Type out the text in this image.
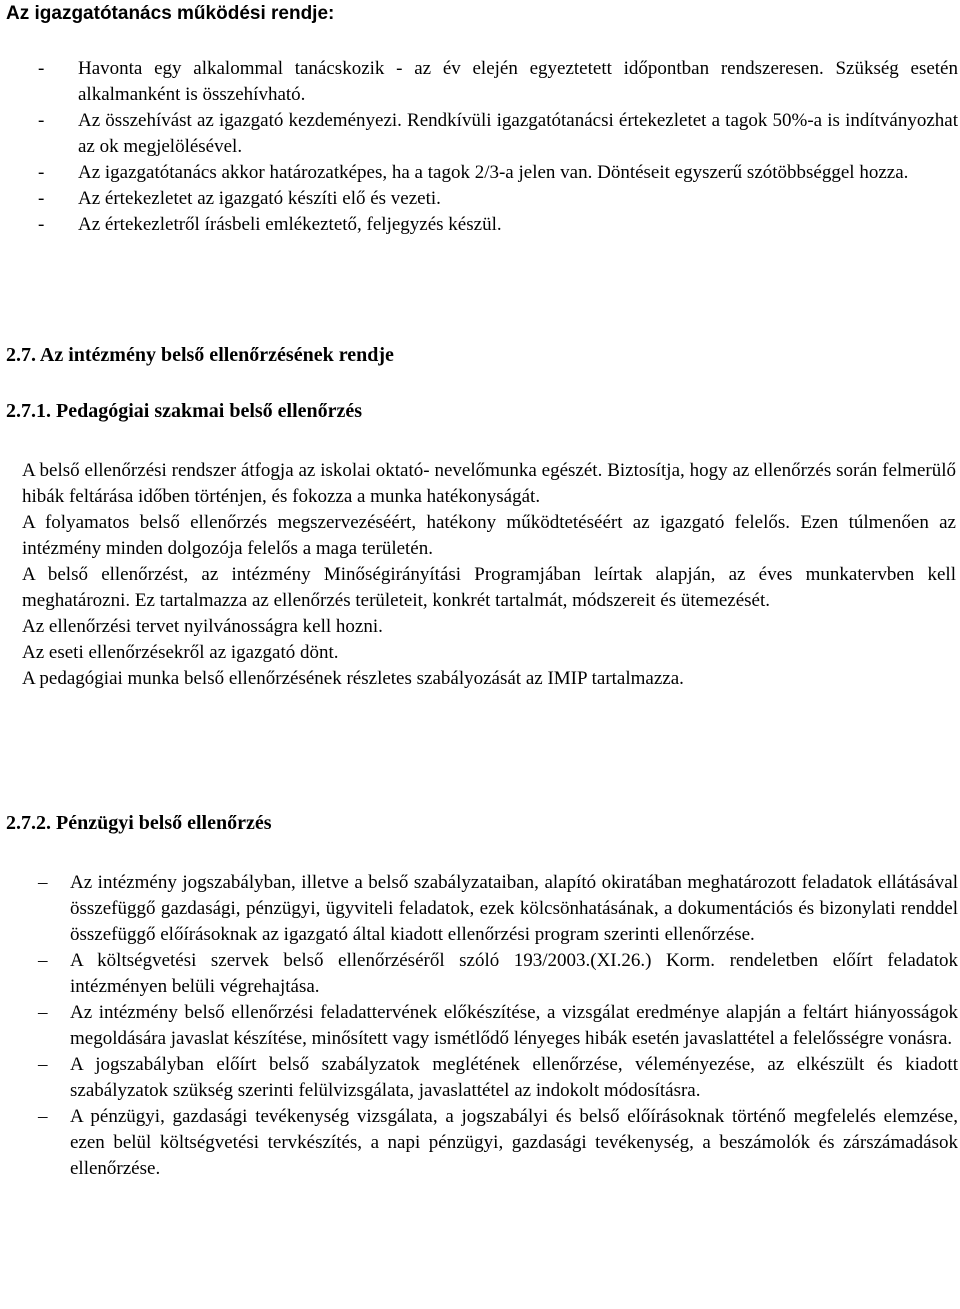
Az igazgatótanács működési rendje:
- Havonta egy alkalommal tanácskozik - az év elején egyeztetett időpontban rendszeresen. Szükség esetén alkalmanként is összehívható.
- Az összehívást az igazgató kezdeményezi. Rendkívüli igazgatótanácsi értekezletet a tagok 50%-a is indítványozhat az ok megjelölésével.
- Az igazgatótanács akkor határozatképes, ha a tagok 2/3-a jelen van. Döntéseit egyszerű szótöbbséggel hozza.
- Az értekezletet az igazgató készíti elő és vezeti.
- Az értekezletről írásbeli emlékeztető, feljegyzés készül.
2.7. Az intézmény belső ellenőrzésének rendje
2.7.1. Pedagógiai szakmai belső ellenőrzés

A belső ellenőrzési rendszer átfogja az iskolai oktató- nevelőmunka egészét. Biztosítja, hogy az ellenőrzés során felmerülő hibák feltárása időben történjen, és fokozza a munka hatékonyságát.

A folyamatos belső ellenőrzés megszervezéséért, hatékony működtetéséért az igazgató felelős. Ezen túlmenően az intézmény minden dolgozója felelős a maga területén.

A belső ellenőrzést, az intézmény Minőségirányítási Programjában leírtak alapján, az éves munkatervben kell meghatározni. Ez tartalmazza az ellenőrzés területeit, konkrét tartalmát, módszereit és ütemezését.

Az ellenőrzési tervet nyilvánosságra kell hozni.

Az eseti ellenőrzésekről az igazgató dönt.

A pedagógiai munka belső ellenőrzésének részletes szabályozását az IMIP tartalmazza.

2.7.2. Pénzügyi belső ellenőrzés
– Az intézmény jogszabályban, illetve a belső szabályzataiban, alapító okiratában meghatározott feladatok ellátásával összefüggő gazdasági, pénzügyi, ügyviteli feladatok, ezek kölcsönhatásának, a dokumentációs és bizonylati renddel összefüggő előírásoknak az igazgató által kiadott ellenőrzési program szerinti ellenőrzése.
– A költségvetési szervek belső ellenőrzéséről szóló 193/2003.(XI.26.) Korm. rendeletben előírt feladatok intézményen belüli végrehajtása.
– Az intézmény belső ellenőrzési feladattervének előkészítése, a vizsgálat eredménye alapján a feltárt hiányosságok megoldására javaslat készítése, minősített vagy ismétlődő lényeges hibák esetén javaslattétel a felelősségre vonásra.
– A jogszabályban előírt belső szabályzatok meglétének ellenőrzése, véleményezése, az elkészült és kiadott szabályzatok szükség szerinti felülvizsgálata, javaslattétel az indokolt módosításra.
– A pénzügyi, gazdasági tevékenység vizsgálata, a jogszabályi és belső előírásoknak történő megfelelés elemzése, ezen belül költségvetési tervkészítés, a napi pénzügyi, gazdasági tevékenység, a beszámolók és zárszámadások ellenőrzése.
